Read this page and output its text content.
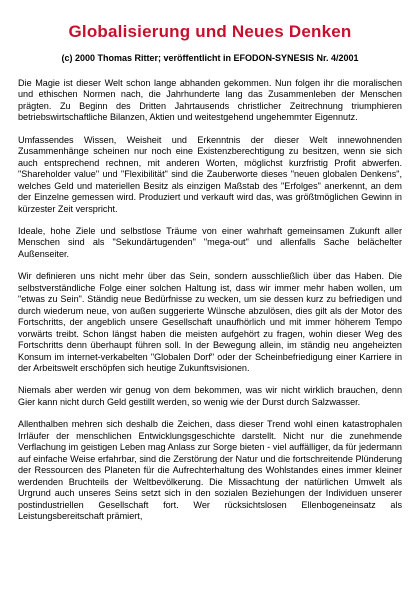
Globalisierung und Neues Denken
(c) 2000 Thomas Ritter; veröffentlicht in EFODON-SYNESIS Nr. 4/2001

Die Magie ist dieser Welt schon lange abhanden gekommen. Nun folgen ihr die moralischen und ethischen Normen nach, die Jahrhunderte lang das Zusammenleben der Menschen prägten. Zu Beginn des Dritten Jahrtausends christlicher Zeitrechnung triumphieren betriebswirtschaftliche Bilanzen, Aktien und weitestgehend ungehemmter Eigennutz.

Umfassendes Wissen, Weisheit und Erkenntnis der dieser Welt innewohnenden Zusammenhänge scheinen nur noch eine Existenzberechtigung zu besitzen, wenn sie sich auch entsprechend rechnen, mit anderen Worten, möglichst kurzfristig Profit abwerfen. "Shareholder value" und "Flexibilität" sind die Zauberworte dieses "neuen globalen Denkens", welches Geld und materiellen Besitz als einzigen Maßstab des "Erfolges" anerkennt, an dem der Einzelne gemessen wird. Produziert und verkauft wird das, was größtmöglichen Gewinn in kürzester Zeit verspricht.

Ideale, hohe Ziele und selbstlose Träume von einer wahrhaft gemeinsamen Zukunft aller Menschen sind als "Sekundärtugenden" "mega-out" und allenfalls Sache belächelter Außenseiter.

Wir definieren uns nicht mehr über das Sein, sondern ausschließlich über das Haben. Die selbstverständliche Folge einer solchen Haltung ist, dass wir immer mehr haben wollen, um "etwas zu Sein". Ständig neue Bedürfnisse zu wecken, um sie dessen kurz zu befriedigen und durch wiederum neue, von außen suggerierte Wünsche abzulösen, dies gilt als der Motor des Fortschritts, der angeblich unsere Gesellschaft unaufhörlich und mit immer höherem Tempo vorwärts treibt. Schon längst haben die meisten aufgehört zu fragen, wohin dieser Weg des Fortschritts denn überhaupt führen soll. In der Bewegung allein, im ständig neu angeheizten Konsum im internet-verkabelten "Globalen Dorf" oder der Scheinbefriedigung einer Karriere in der Arbeitswelt erschöpfen sich heutige Zukunftsvisionen.

Niemals aber werden wir genug von dem bekommen, was wir nicht wirklich brauchen, denn Gier kann nicht durch Geld gestillt werden, so wenig wie der Durst durch Salzwasser.

Allenthalben mehren sich deshalb die Zeichen, dass dieser Trend wohl einen katastrophalen Irrläufer der menschlichen Entwicklungsgeschichte darstellt. Nicht nur die zunehmende Verflachung im geistigen Leben mag Anlass zur Sorge bieten - viel auffälliger, da für jedermann auf einfache Weise erfahrbar, sind die Zerstörung der Natur und die fortschreitende Plünderung der Ressourcen des Planeten für die Aufrechterhaltung des Wohlstandes eines immer kleiner werdenden Bruchteils der Weltbevölkerung. Die Missachtung der natürlichen Umwelt als Urgrund auch unseres Seins setzt sich in den sozialen Beziehungen der Individuen unserer postindustriellen Gesellschaft fort. Wer rücksichtslosen Ellenbogeneinsatz als Leistungsbereitschaft prämiert,
